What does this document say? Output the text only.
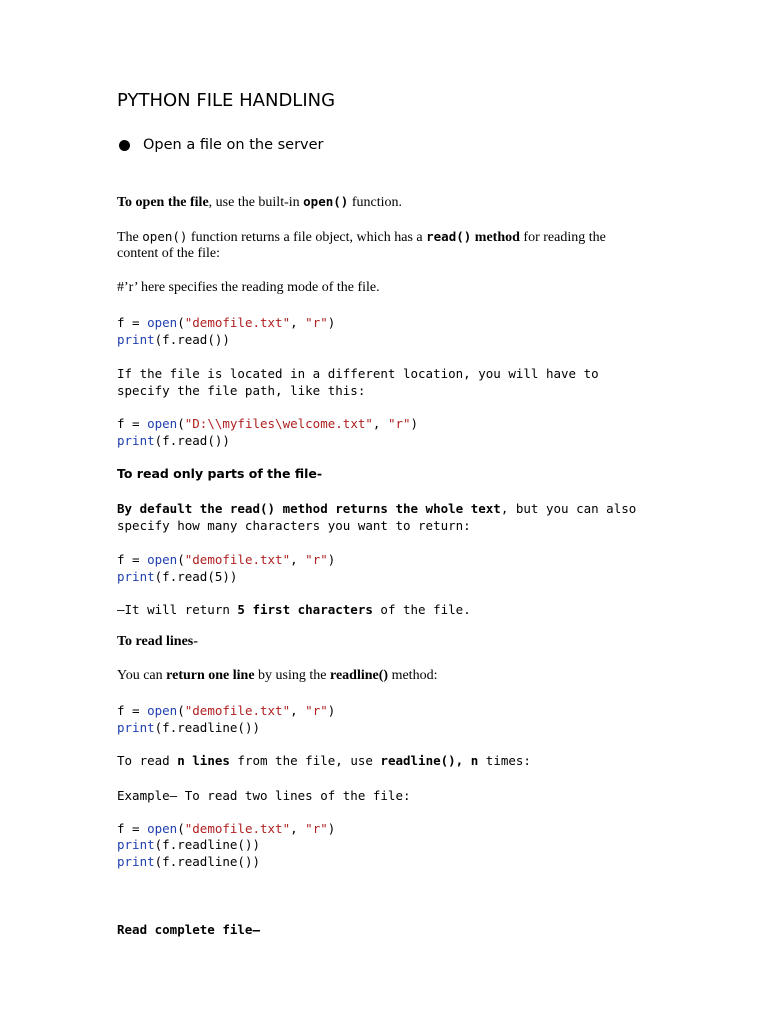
PYTHON FILE HANDLING
Open a file on the server
To open the file, use the built-in open() function.
The open() function returns a file object, which has a read() method for reading the
content of the file:
#’r’ here specifies the reading mode of the file.
f = open("demofile.txt", "r")
print(f.read())
If the file is located in a different location, you will have to
specify the file path, like this:
f = open("D:\\myfiles\welcome.txt", "r")
print(f.read())
To read only parts of the file-
By default the read() method returns the whole text, but you can also
specify how many characters you want to return:
f = open("demofile.txt", "r")
print(f.read(5))
–It will return 5 first characters of the file.
To read lines-
You can return one line by using the readline() method:
f = open("demofile.txt", "r")
print(f.readline())
To read n lines from the file, use readline(), n times:
Example– To read two lines of the file:
f = open("demofile.txt", "r")
print(f.readline())
print(f.readline())
Read complete file–
